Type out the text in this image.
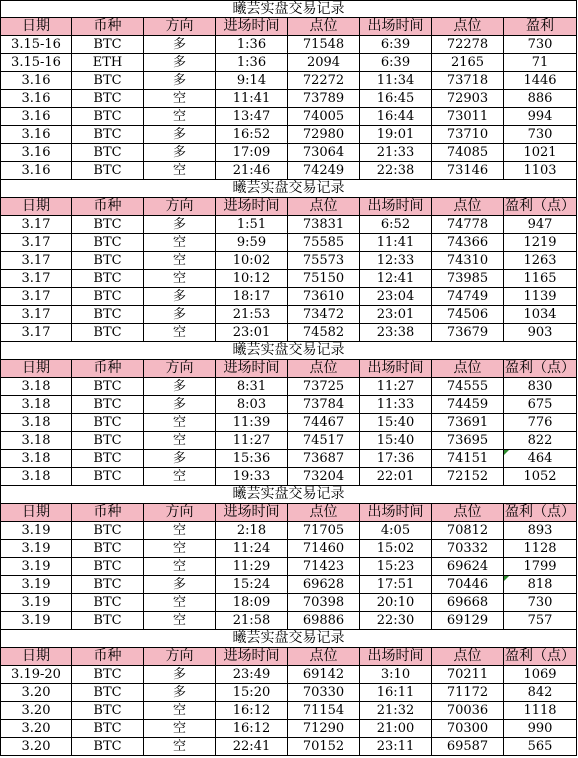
曦芸实盘交易记录
日期	币种	方向	进场时间	点位	出场时间	点位	盈利
3.15-16	BTC	多	1:36	71548	6:39	72278	730
3.15-16	ETH	多	1:36	2094	6:39	2165	71
3.16	BTC	多	9:14	72272	11:34	73718	1446
3.16	BTC	空	11:41	73789	16:45	72903	886
3.16	BTC	空	13:47	74005	16:44	73011	994
3.16	BTC	多	16:52	72980	19:01	73710	730
3.16	BTC	多	17:09	73064	21:33	74085	1021
3.16	BTC	空	21:46	74249	22:38	73146	1103
曦芸实盘交易记录
日期	币种	方向	进场时间	点位	出场时间	点位	盈利（点）
3.17	BTC	多	1:51	73831	6:52	74778	947
3.17	BTC	空	9:59	75585	11:41	74366	1219
3.17	BTC	空	10:02	75573	12:33	74310	1263
3.17	BTC	空	10:12	75150	12:41	73985	1165
3.17	BTC	多	18:17	73610	23:04	74749	1139
3.17	BTC	多	21:53	73472	23:01	74506	1034
3.17	BTC	空	23:01	74582	23:38	73679	903
曦芸实盘交易记录
日期	币种	方向	进场时间	点位	出场时间	点位	盈利（点）
3.18	BTC	多	8:31	73725	11:27	74555	830
3.18	BTC	多	8:03	73784	11:33	74459	675
3.18	BTC	空	11:39	74467	15:40	73691	776
3.18	BTC	空	11:27	74517	15:40	73695	822
3.18	BTC	多	15:36	73687	17:36	74151	464
3.18	BTC	空	19:33	73204	22:01	72152	1052
曦芸实盘交易记录
日期	币种	方向	进场时间	点位	出场时间	点位	盈利（点）
3.19	BTC	空	2:18	71705	4:05	70812	893
3.19	BTC	空	11:24	71460	15:02	70332	1128
3.19	BTC	空	11:29	71423	15:23	69624	1799
3.19	BTC	多	15:24	69628	17:51	70446	818
3.19	BTC	空	18:09	70398	20:10	69668	730
3.19	BTC	空	21:58	69886	22:30	69129	757
曦芸实盘交易记录
日期	币种	方向	进场时间	点位	出场时间	点位	盈利（点）
3.19-20	BTC	多	23:49	69142	3:10	70211	1069
3.20	BTC	多	15:20	70330	16:11	71172	842
3.20	BTC	空	16:12	71154	21:32	70036	1118
3.20	BTC	空	16:12	71290	21:00	70300	990
3.20	BTC	空	22:41	70152	23:11	69587	565
